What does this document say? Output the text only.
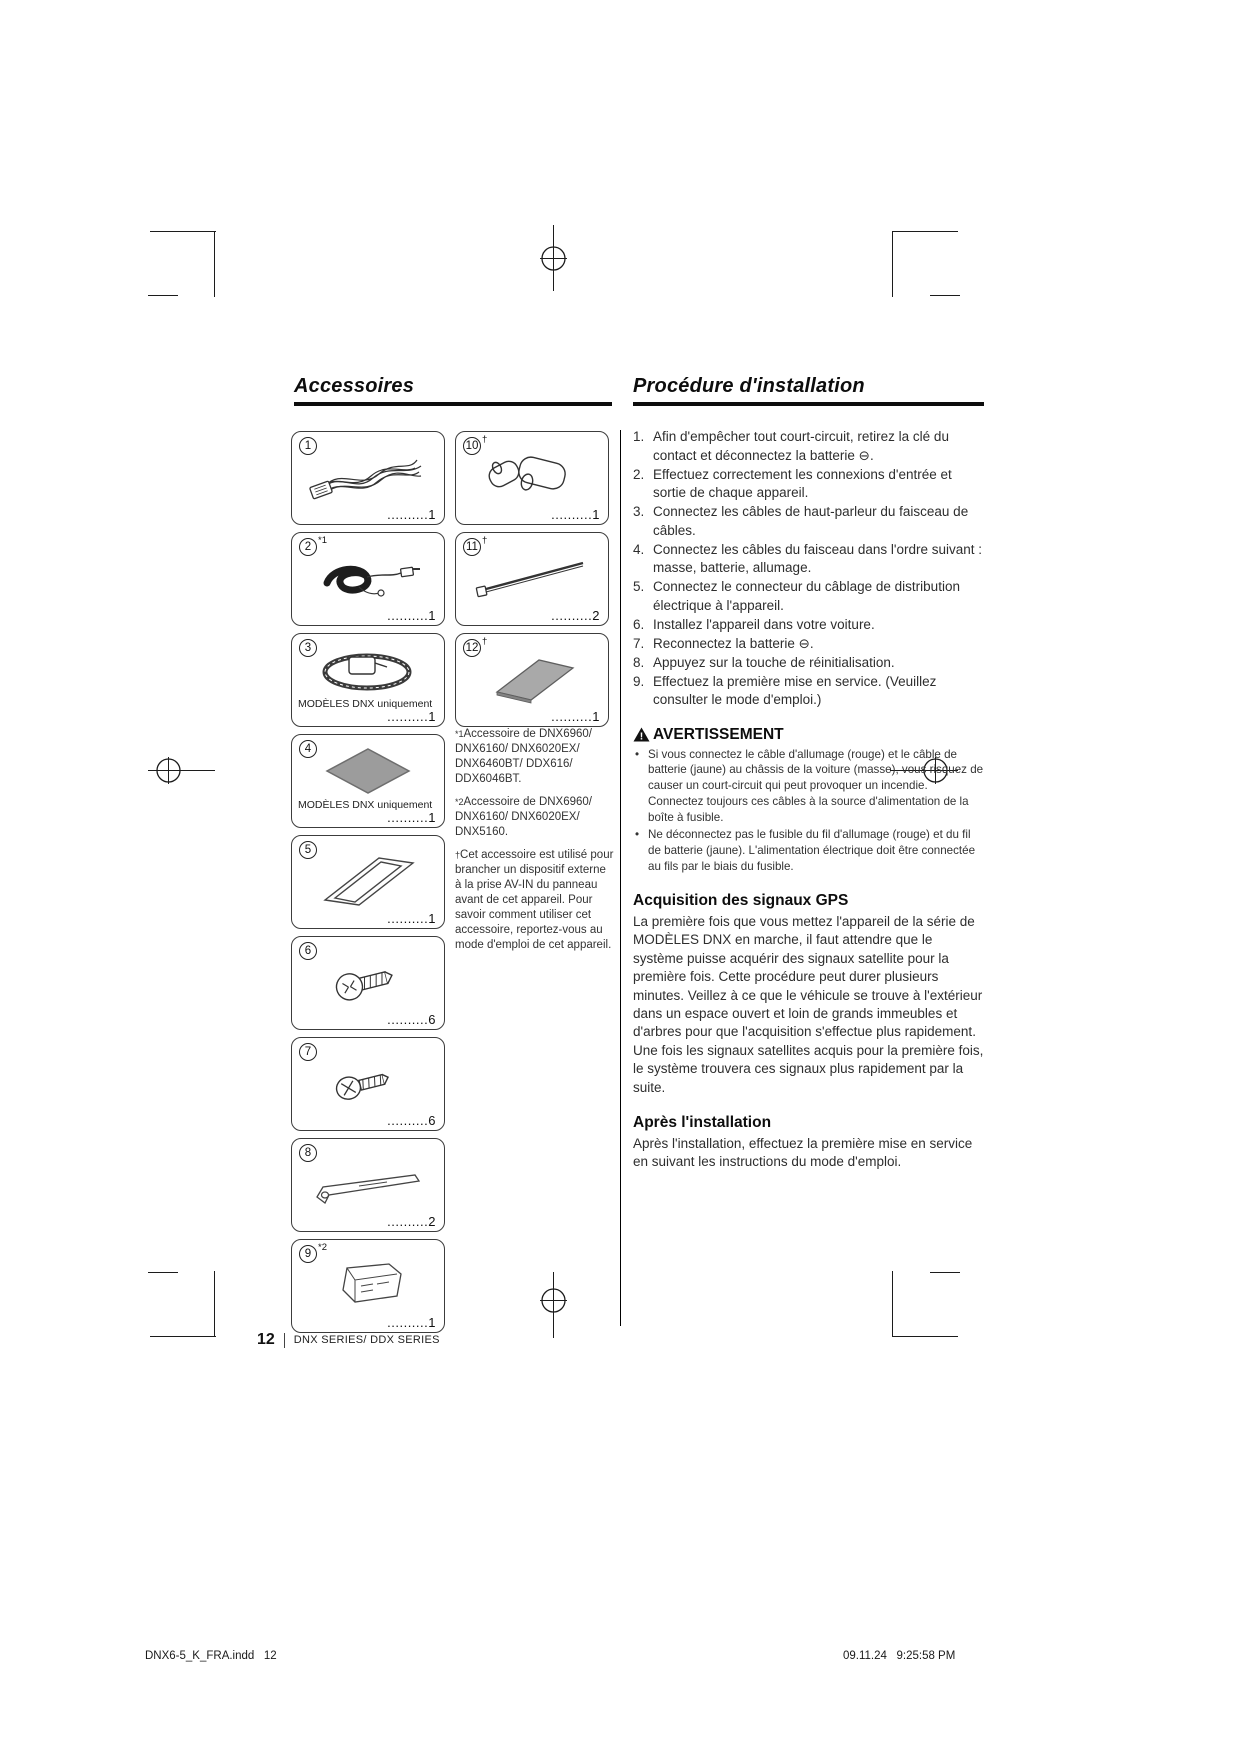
Accessoires	Procédure d'installation
1
..........1
2
*1
..........1
3
MODÈLES DNX uniquement
..........1
4
MODÈLES DNX uniquement
..........1
5
..........1
6
..........6
7
..........6
8
..........2
9
*2
..........1
10
†
..........1
11
†
..........2
12
†
..........1

$^{*1}$Accessoire de DNX6960/ DNX6160/ DNX6020EX/ DNX6460BT/ DDX616/ DDX6046BT.

$^{*2}$Accessoire de DNX6960/ DNX6160/ DNX6020EX/ DNX5160.

†Cet accessoire est utilisé pour brancher un dispositif externe à la prise AV-IN du panneau avant de cet appareil. Pour savoir comment utiliser cet accessoire, reportez-vous au mode d'emploi de cet appareil.

1. Afin d'empêcher tout court-circuit, retirez la clé du contact et déconnectez la batterie ⊖.
2. Effectuez correctement les connexions d'entrée et sortie de chaque appareil.
3. Connectez les câbles de haut-parleur du faisceau de câbles.
4. Connectez les câbles du faisceau dans l'ordre suivant : masse, batterie, allumage.
5. Connectez le connecteur du câblage de distribution électrique à l'appareil.
6. Installez l'appareil dans votre voiture.
7. Reconnectez la batterie ⊖.
8. Appuyez sur la touche de réinitialisation.
9. Effectuez la première mise en service. (Veuillez consulter le mode d'emploi.)
! AVERTISSEMENT
• Si vous connectez le câble d'allumage (rouge) et le câble de batterie (jaune) au châssis de la voiture (masse), vous risquez de causer un court-circuit qui peut provoquer un incendie. Connectez toujours ces câbles à la source d'alimentation de la boîte à fusible.
• Ne déconnectez pas le fusible du fil d'allumage (rouge) et du fil de batterie (jaune). L'alimentation électrique doit être connectée au fils par le biais du fusible.
Acquisition des signaux GPS
La première fois que vous mettez l'appareil de la série de MODÈLES DNX en marche, il faut attendre que le système puisse acquérir des signaux satellite pour la première fois. Cette procédure peut durer plusieurs minutes. Veillez à ce que le véhicule se trouve à l'extérieur dans un espace ouvert et loin de grands immeubles et d'arbres pour que l'acquisition s'effectue plus rapidement. Une fois les signaux satellites acquis pour la première fois, le système trouvera ces signaux plus rapidement par la suite.
Après l'installation
Après l'installation, effectuez la première mise en service en suivant les instructions du mode d'emploi.
12 DNX SERIES/ DDX SERIES
DNX6-5_K_FRA.indd   12	09.11.24   9:25:58 PM
